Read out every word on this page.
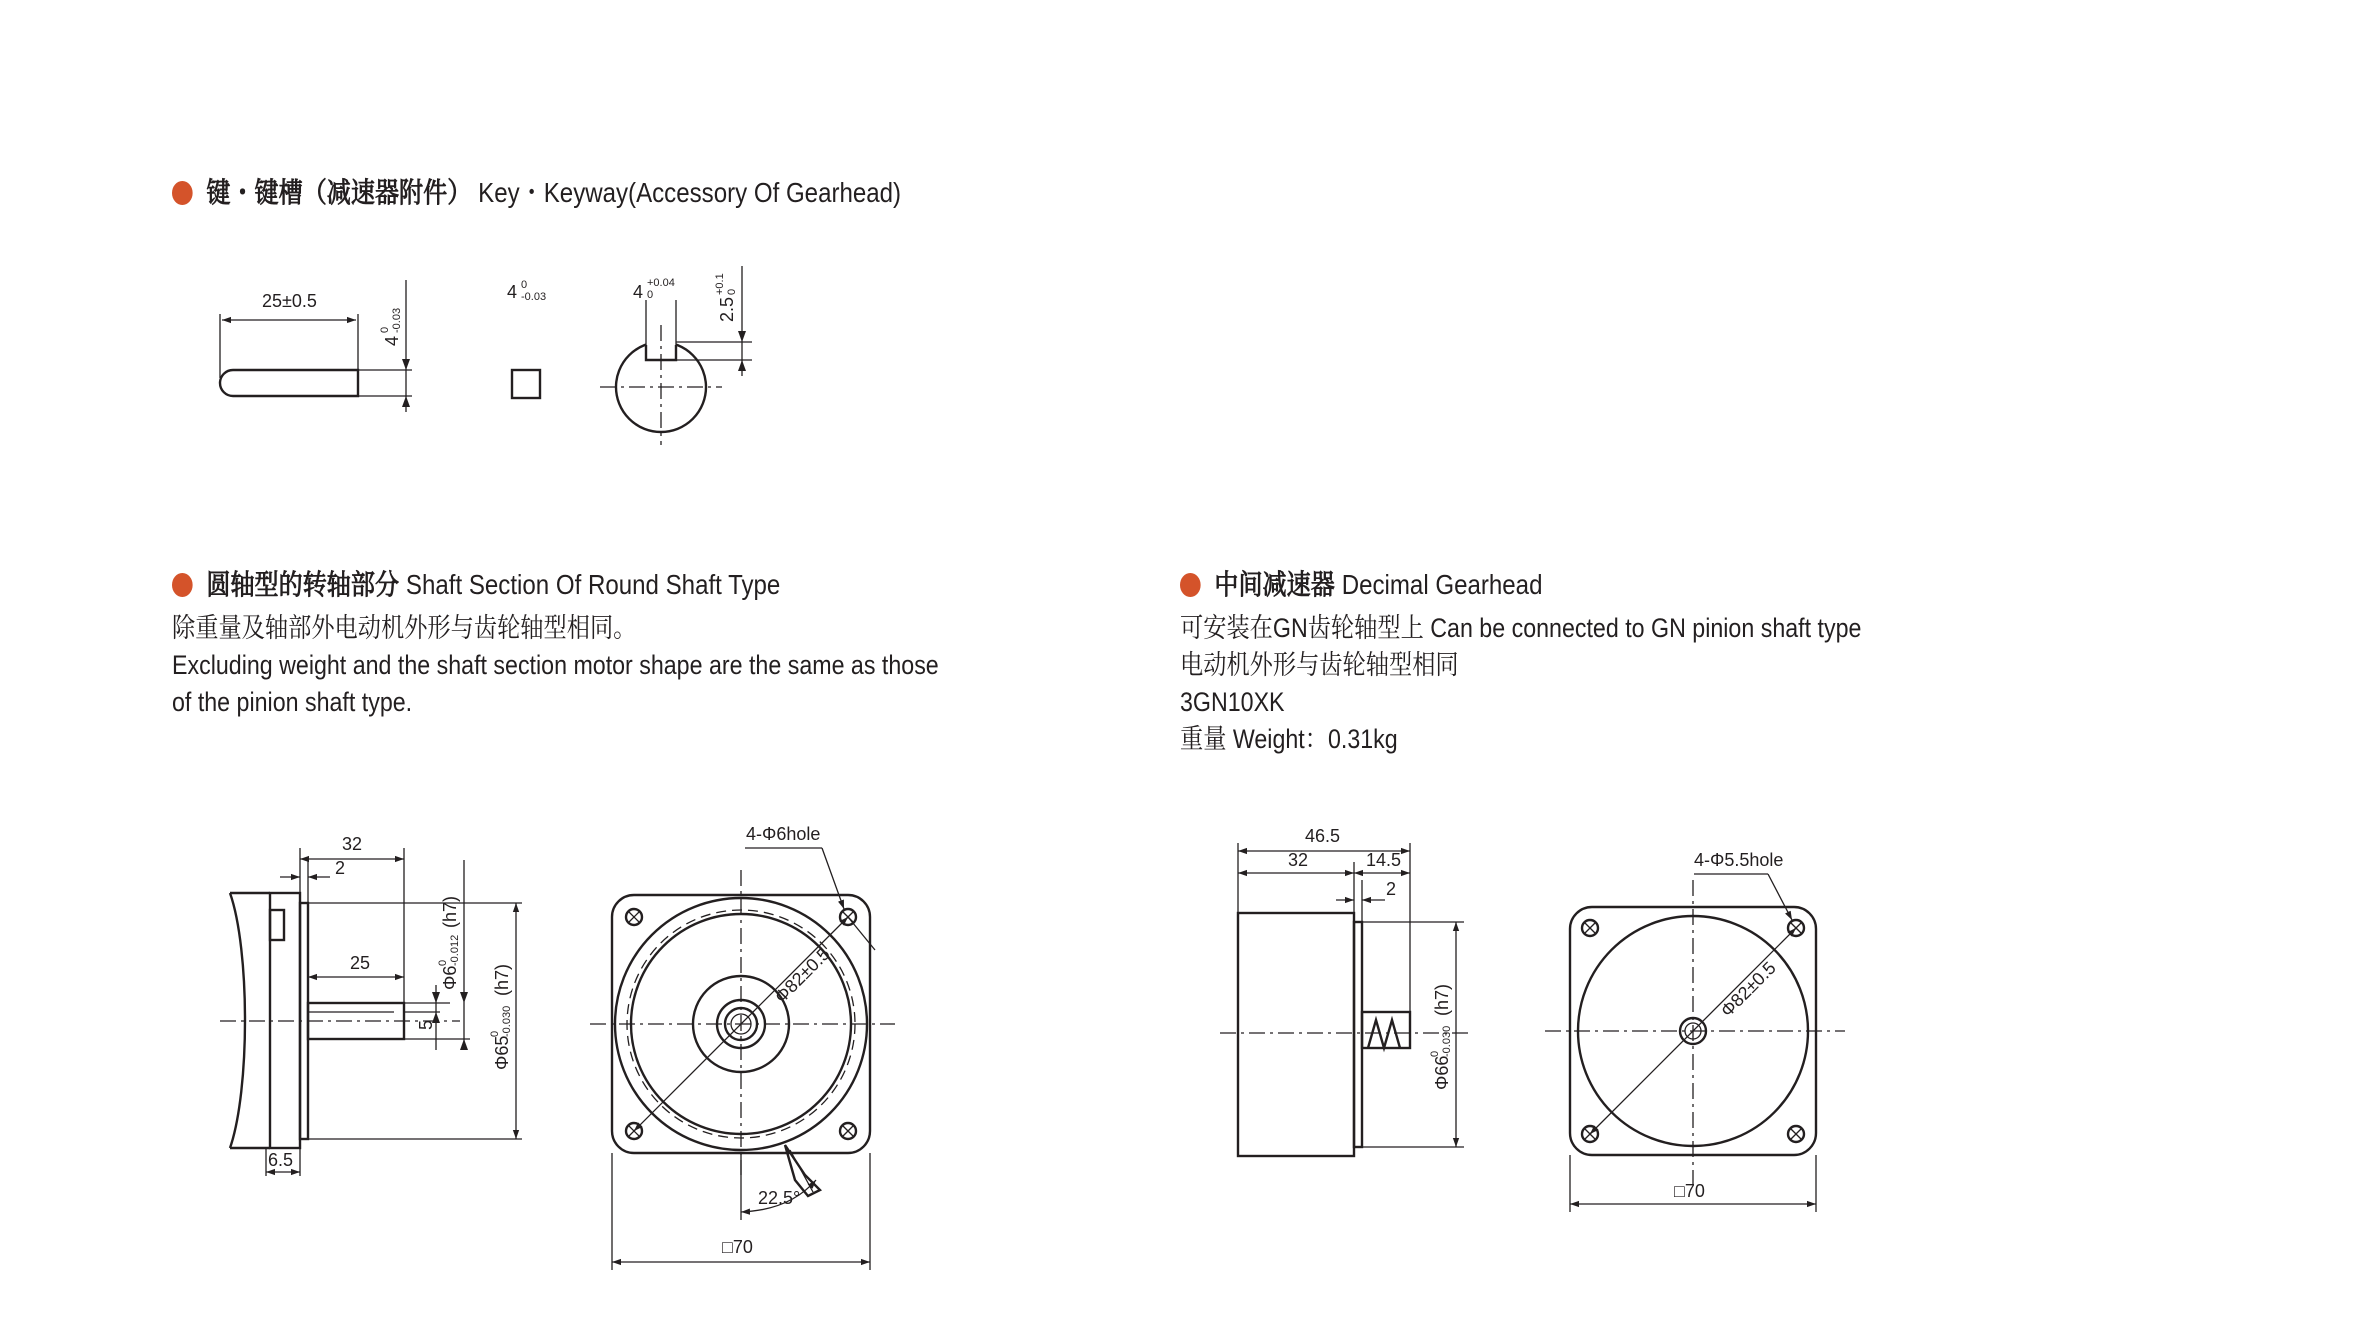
键・键槽（减速器附件） Key・Keyway(Accessory Of Gearhead)
圆轴型的转轴部分 Shaft Section Of Round Shaft Type
除重量及轴部外电动机外形与齿轮轴型相同。
Excluding weight and the shaft section motor shape are the same as those
of the pinion shaft type.
中间减速器 Decimal Gearhead
可安装在GN齿轮轴型上 Can be connected to GN pinion shaft type
电动机外形与齿轮轴型相同
3GN10XK
重量 Weight：0.31kg
25±0.5
4
0 -0.03
4 0
-0.03	4 +0.04
0
2.5
+0.1 0
32
2
25
6.5
5
Φ6
0 -0.012
(h7)
Φ65
0 -0.030
(h7)	Φ82±0.5
4-Φ6hole
22.5°
□70
46.5
32	14.5
2
Φ66
0 -0.030
(h7)	Φ82±0.5
4-Φ5.5hole
□70
